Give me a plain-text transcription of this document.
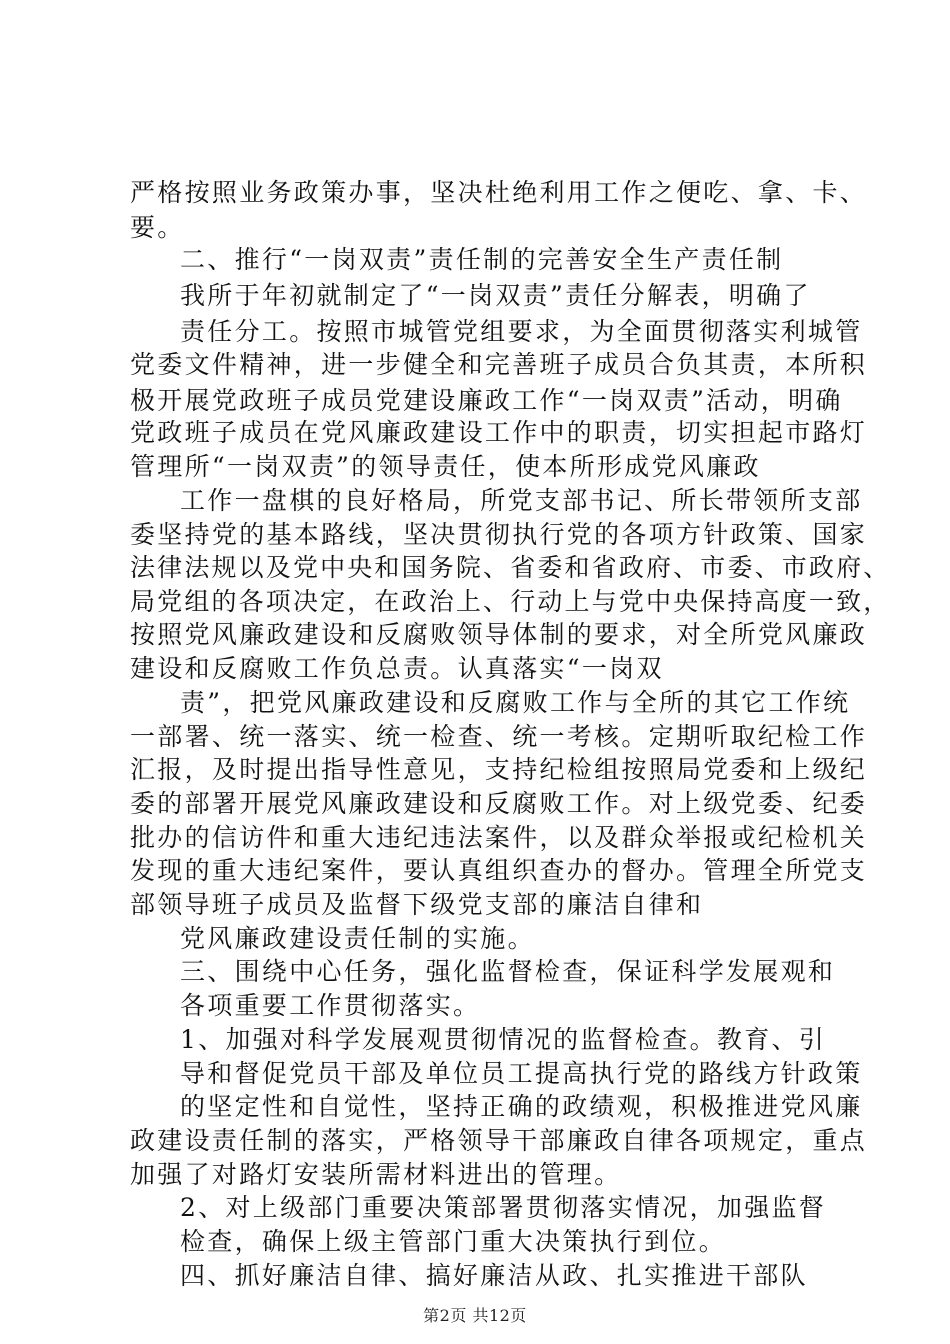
严格按照业务政策办事，坚决杜绝利用工作之便吃、拿、卡、
要。
二、推行“一岗双责”责任制的完善安全生产责任制
我所于年初就制定了“一岗双责”责任分解表，明确了
责任分工。按照市城管党组要求，为全面贯彻落实利城管
党委文件精神，进一步健全和完善班子成员合负其责，本所积
极开展党政班子成员党建设廉政工作“一岗双责”活动，明确
党政班子成员在党风廉政建设工作中的职责，切实担起市路灯
管理所“一岗双责”的领导责任，使本所形成党风廉政
工作一盘棋的良好格局，所党支部书记、所长带领所支部
委坚持党的基本路线，坚决贯彻执行党的各项方针政策、国家
法律法规以及党中央和国务院、省委和省政府、市委、市政府、
局党组的各项决定，在政治上、行动上与党中央保持高度一致，
按照党风廉政建设和反腐败领导体制的要求，对全所党风廉政
建设和反腐败工作负总责。认真落实“一岗双
责”，把党风廉政建设和反腐败工作与全所的其它工作统
一部署、统一落实、统一检查、统一考核。定期听取纪检工作
汇报，及时提出指导性意见，支持纪检组按照局党委和上级纪
委的部署开展党风廉政建设和反腐败工作。对上级党委、纪委
批办的信访件和重大违纪违法案件，以及群众举报或纪检机关
发现的重大违纪案件，要认真组织查办的督办。管理全所党支
部领导班子成员及监督下级党支部的廉洁自律和
党风廉政建设责任制的实施。
三、围绕中心任务，强化监督检查，保证科学发展观和
各项重要工作贯彻落实。
1、加强对科学发展观贯彻情况的监督检查。教育、引
导和督促党员干部及单位员工提高执行党的路线方针政策
的坚定性和自觉性，坚持正确的政绩观，积极推进党风廉
政建设责任制的落实，严格领导干部廉政自律各项规定，重点
加强了对路灯安装所需材料进出的管理。
2、对上级部门重要决策部署贯彻落实情况，加强监督
检查，确保上级主管部门重大决策执行到位。
四、抓好廉洁自律、搞好廉洁从政、扎实推进干部队
第2页 共12页
